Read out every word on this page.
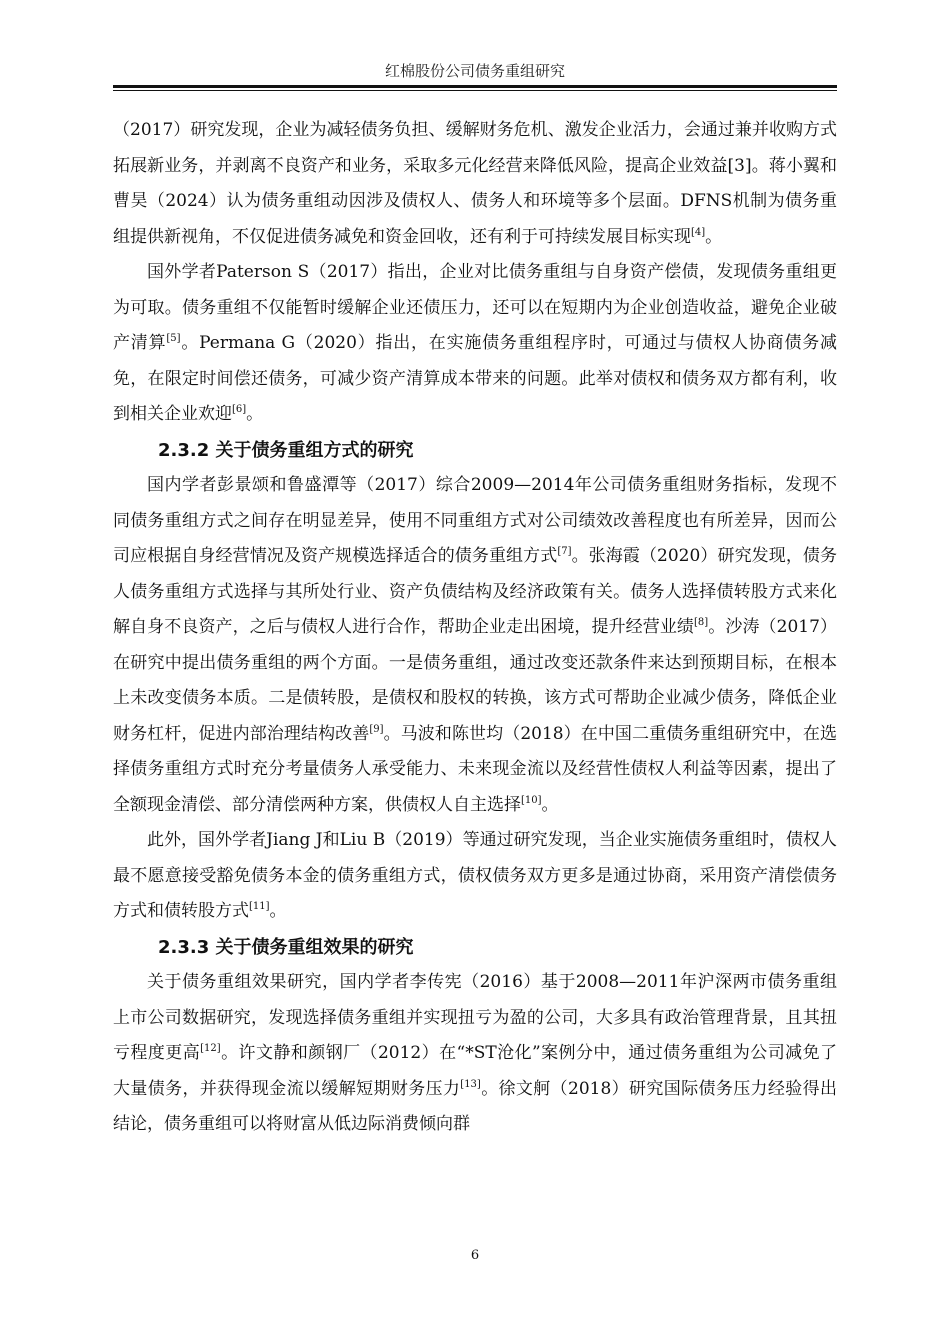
红棉股份公司债务重组研究

（2017）研究发现，企业为减轻债务负担、缓解财务危机、激发企业活力，会通过兼并收购方式拓展新业务，并剥离不良资产和业务，采取多元化经营来降低风险，提高企业效益[3]。蒋小翼和曹昊（2024）认为债务重组动因涉及债权人、债务人和环境等多个层面。DFNS机制为债务重组提供新视角，不仅促进债务减免和资金回收，还有利于可持续发展目标实现[4]。

国外学者Paterson S（2017）指出，企业对比债务重组与自身资产偿债，发现债务重组更为可取。债务重组不仅能暂时缓解企业还债压力，还可以在短期内为企业创造收益，避免企业破产清算[5]。Permana G（2020）指出，在实施债务重组程序时，可通过与债权人协商债务减免，在限定时间偿还债务，可减少资产清算成本带来的问题。此举对债权和债务双方都有利，收到相关企业欢迎[6]。

2.3.2 关于债务重组方式的研究

国内学者彭景颂和鲁盛潭等（2017）综合2009—2014年公司债务重组财务指标，发现不同债务重组方式之间存在明显差异，使用不同重组方式对公司绩效改善程度也有所差异，因而公司应根据自身经营情况及资产规模选择适合的债务重组方式[7]。张海霞（2020）研究发现，债务人债务重组方式选择与其所处行业、资产负债结构及经济政策有关。债务人选择债转股方式来化解自身不良资产，之后与债权人进行合作，帮助企业走出困境，提升经营业绩[8]。沙涛（2017）在研究中提出债务重组的两个方面。一是债务重组，通过改变还款条件来达到预期目标，在根本上未改变债务本质。二是债转股，是债权和股权的转换，该方式可帮助企业减少债务，降低企业财务杠杆，促进内部治理结构改善[9]。马波和陈世均（2018）在中国二重债务重组研究中，在选择债务重组方式时充分考量债务人承受能力、未来现金流以及经营性债权人利益等因素，提出了全额现金清偿、部分清偿两种方案，供债权人自主选择[10]。

此外，国外学者Jiang J和Liu B（2019）等通过研究发现，当企业实施债务重组时，债权人最不愿意接受豁免债务本金的债务重组方式，债权债务双方更多是通过协商，采用资产清偿债务方式和债转股方式[11]。

2.3.3 关于债务重组效果的研究

关于债务重组效果研究，国内学者李传宪（2016）基于2008—2011年沪深两市债务重组上市公司数据研究，发现选择债务重组并实现扭亏为盈的公司，大多具有政治管理背景，且其扭亏程度更高[12]。许文静和颜钢厂（2012）在“*ST沧化”案例分中，通过债务重组为公司减免了大量债务，并获得现金流以缓解短期财务压力[13]。徐文舸（2018）研究国际债务压力经验得出结论，债务重组可以将财富从低边际消费倾向群

6
